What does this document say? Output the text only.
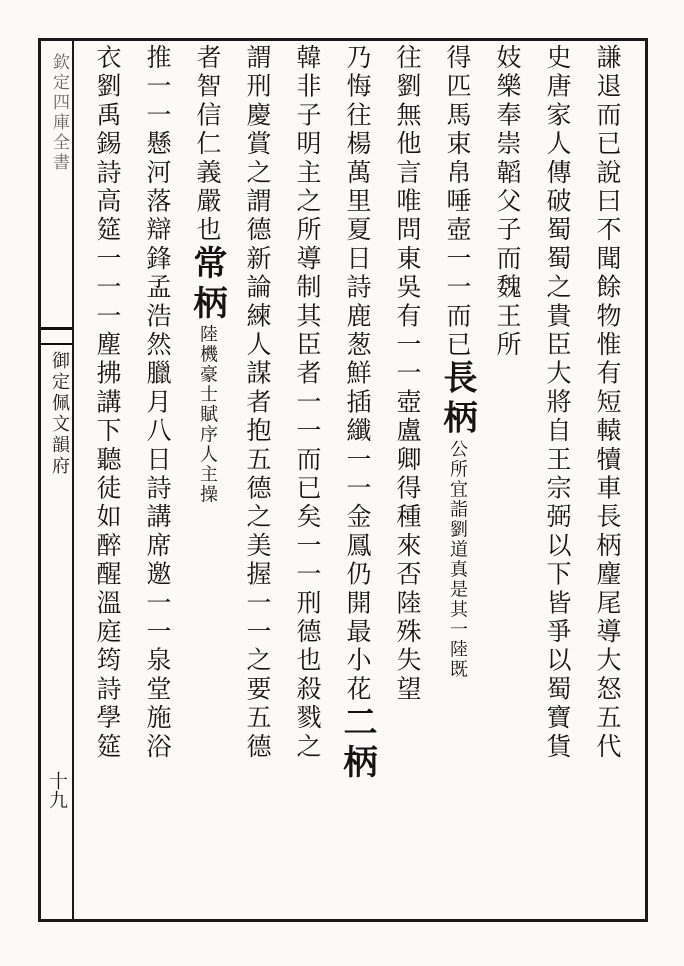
欽定四庫全書
御定佩文韻府
十九
謙退而已說曰不聞餘物惟有短轅犢車長柄麈尾導大怒五代
史唐家人傳破蜀蜀之貴臣大將自王宗弼以下皆爭以蜀寶貨
妓樂奉崇韜父子而魏王所
得匹馬束帛唾壺一一而已長柄公所宜詣劉道真是其一陸既
往劉無他言唯問東吳有一一壺盧卿得種來否陸殊失望
乃悔往楊萬里夏日詩鹿葱鮮插纖一一金鳳仍開最小花二柄
韓非子明主之所導制其臣者一一而已矣一一刑德也殺戮之
謂刑慶賞之謂德新論練人謀者抱五德之美握一一之要五德
者智信仁義嚴也常柄陸機豪士賦序人主操
推一一懸河落辯鋒孟浩然臘月八日詩講席邀一一泉堂施浴
衣劉禹錫詩高筵一一一塵拂講下聽徒如醉醒溫庭筠詩學筵
